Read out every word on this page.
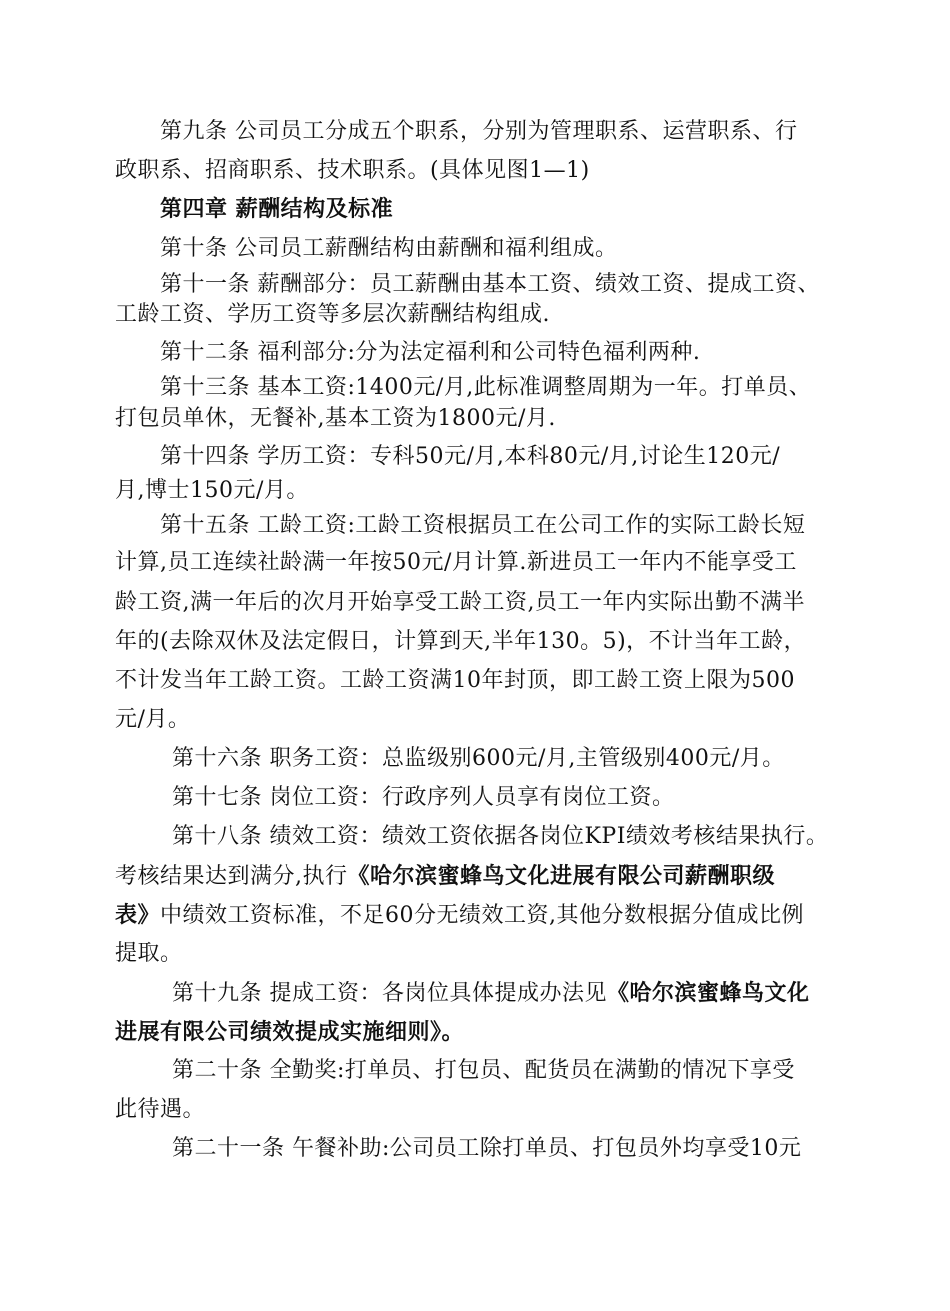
第九条 公司员工分成五个职系，分别为管理职系、运营职系、行
政职系、招商职系、技术职系。(具体见图1—1)
第四章 薪酬结构及标准
第十条 公司员工薪酬结构由薪酬和福利组成。
第十一条 薪酬部分：员工薪酬由基本工资、绩效工资、提成工资、
工龄工资、学历工资等多层次薪酬结构组成.
第十二条 福利部分:分为法定福利和公司特色福利两种.
第十三条 基本工资:1400元/月,此标准调整周期为一年。打单员、
打包员单休，无餐补,基本工资为1800元/月.
第十四条 学历工资：专科50元/月,本科80元/月,讨论生120元/
月,博士150元/月。
第十五条 工龄工资:工龄工资根据员工在公司工作的实际工龄长短
计算,员工连续社龄满一年按50元/月计算.新进员工一年内不能享受工
龄工资,满一年后的次月开始享受工龄工资,员工一年内实际出勤不满半
年的(去除双休及法定假日，计算到天,半年130。5)，不计当年工龄，
不计发当年工龄工资。工龄工资满10年封顶，即工龄工资上限为500
元/月。
第十六条 职务工资：总监级别600元/月,主管级别400元/月。
第十七条 岗位工资：行政序列人员享有岗位工资。
第十八条 绩效工资：绩效工资依据各岗位KPI绩效考核结果执行。
考核结果达到满分,执行《哈尔滨蜜蜂鸟文化进展有限公司薪酬职级
表》中绩效工资标准，不足60分无绩效工资,其他分数根据分值成比例
提取。
第十九条 提成工资：各岗位具体提成办法见《哈尔滨蜜蜂鸟文化
进展有限公司绩效提成实施细则》。
第二十条 全勤奖:打单员、打包员、配货员在满勤的情况下享受
此待遇。
第二十一条 午餐补助:公司员工除打单员、打包员外均享受10元
